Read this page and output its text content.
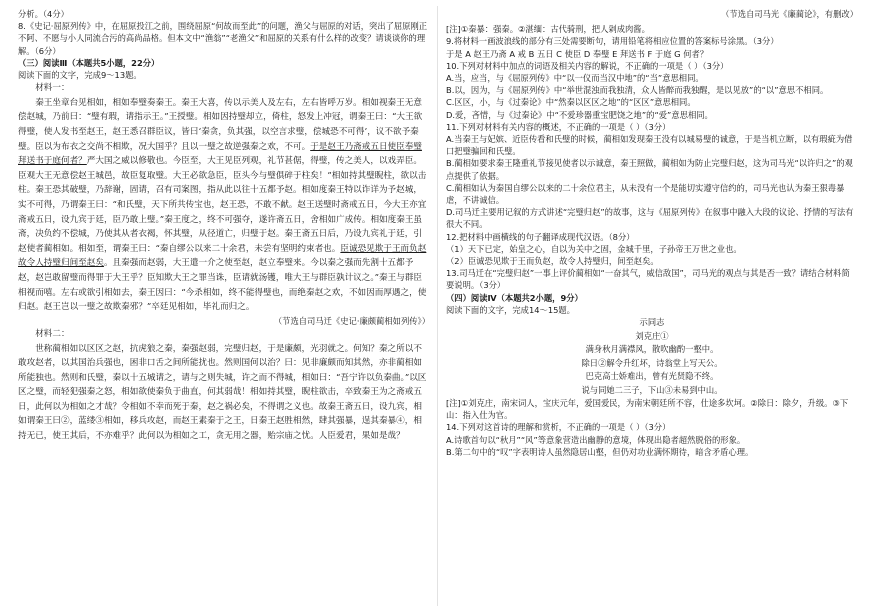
分析。（4分）

8.《史记·屈原列传》中，在屈原投江之前，围绕屈原“何故而至此”的问题，渔父与屈原的对话，突出了屈原刚正不阿、不愿与小人同流合污的高尚品格。但本文中“渔翁”“老渔父”和屈原的关系有什么样的改变？请谈谈你的理解。（6分）

（三）阅读Ⅲ（本题共5小题，22分）

阅读下面的文字，完成9～13题。

材料一：

秦王坐章台见相如，相如奉璧奏秦王。秦王大喜，传以示美人及左右，左右皆呼万岁。相如视秦王无意偿赵城，乃前曰：“璧有瑕，请指示王。”王授璧。相如因持璧却立，倚柱，怒发上冲冠，谓秦王曰：“大王欲得璧，使人发书至赵王，赵王悉召群臣议，皆曰‘秦贪，负其强，以空言求璧，偿城恐不可得’，议不欲予秦璧。臣以为布衣之交尚不相欺，况大国乎？且以一璧之故逆强秦之欢，不可。于是赵王乃斋戒五日使臣奉璧拜送书于庭何者？严大国之威以修敬也。今臣至，大王见臣列观，礼节甚倨，得璧，传之美人，以戏弄臣。臣观大王无意偿赵王城邑，故臣复取璧。大王必欲急臣，臣头今与璧俱碎于柱矣！”相如持其璧睨柱，欲以击柱。秦王恐其破璧，乃辞谢，固请，召有司案图，指从此以往十五都予赵。相如度秦王特以诈详为予赵城，实不可得，乃谓秦王曰：“和氏璧，天下所共传宝也，赵王恐，不敢不献。赵王送璧时斋戒五日，今大王亦宜斋戒五日，设九宾于廷，臣乃敢上璧。”秦王度之，终不可强夺，遂许斋五日，舍相如广成传。相如度秦王虽斋，决负约不偿城，乃使其从者衣褐，怀其璧，从径道亡，归璧于赵。秦王斋五日后，乃设九宾礼于廷，引赵使者蔺相如。相如至，谓秦王曰：“秦自缪公以来二十余君，未尝有坚明约束者也。臣诚恐见欺于王而负赵故令人持璧归间至赵矣。且秦强而赵弱，大王遣一介之使至赵，赵立奉璧来。今以秦之强而先割十五都予赵，赵岂敢留璧而得罪于大王乎？臣知欺大王之罪当诛，臣请就汤镬，唯大王与群臣孰计议之。”秦王与群臣相视而嘻。左右或欲引相如去，秦王因曰：“今杀相如，终不能得璧也，而绝秦赵之欢，不如因而厚遇之，使归赵。赵王岂以一璧之故欺秦邪？”卒廷见相如，毕礼而归之。

（节选自司马迁《史记·廉颇蔺相如列传》）

材料二：

世称蔺相如以区区之赵，抗虎狼之秦，秦强赵弱，完璧归赵，于是廉颇，光羽就之。何知？秦之所以不敢攻赵者，以其国治兵强也，困非口舌之间所能扰也。然则国何以治？曰：见非廉颇而知其然，亦非蔺相如所能独也。然则和氏璧，秦以十五城请之，请与之则失城，许之而不得城，相如曰：“吾宁许以负秦曲。”以区区之璧，而轻犯强秦之怒，相如欲使秦负于曲直，何其弱哉！相如持其璧，睨柱欲击，卒致秦王为之斋戒五日，此何以为相如之才哉？令相如不幸而死于秦，赵之祸必矣，不得谓之义也。故秦王斋五日，设九宾，相如谓秦王曰②，蓝缕③相如，移兵攻赵，而赵王素秦于之王，日秦王赵胜相然，肆其强暴，逞其秦暴④，相持无已，使王其后，不亦难乎？此何以为相如之工，贪无用之器，贻宗庙之忧。人臣爱君，果如是哉？

（节选自司马光《廉蔺论》，有删改）

[注]①秦暴：强秦。②湛缅：古代骑刑，把人剁成肉酱。

9.将材料一画波浪线的部分有三处需要断句，请用铅笔将相应位置的答案标号涂黑。（3分）

于是 A 赵王乃斋 A 戒 B 五日 C 使臣 D 奉璧 E 拜送书 F 于庭 G 何者？

10.下列对材料中加点的词语及相关内容的解说，不正确的一项是（ ）（3分）

A.当，应当，与《屈原列传》中“以一仪而当汉中地”的“当”意思相同。

B.以，因为，与《屈原列传》中“举世混浊而我独清，众人皆醉而我独醒，是以见放”的“以”意思不相同。

C.区区，小，与《过秦论》中“然秦以区区之地”的“区区”意思相同。

D.爱，吝惜，与《过秦论》中“不爱珍器重宝肥饶之地”的“爱”意思相同。

11.下列对材料有关内容的概述，不正确的一项是（ ）（3分）

A.当秦王与妃嫔、近臣传看和氏璧的时候，蔺相如发现秦王没有以城易璧的诚意，于是当机立断，以有瑕疵为借口把璧骗回和氏璧。

B.蔺相如要求秦王隆重礼节接见使者以示诚意，秦王照做，蔺相如为防止完璧归赵，这为司马光“以许归之”的观点提供了依据。

C.蔺相如认为秦国自缪公以来的二十余位君主，从未没有一个是能切实遵守信约的，司马光也认为秦王狠毒暴虐，不讲诚信。

D.司马迁主要用记叙的方式讲述“完璧归赵”的故事，这与《屈原列传》在叙事中融入大段的议论、抒情的写法有很大不同。

12.把材料中画横线的句子翻译成现代汉语。（8分）

（1）天下已定，始皇之心，自以为关中之固，金城千里，子孙帝王万世之业也。

（2）臣诚恐见欺于王而负赵，故令人持璧归，间至赵矣。

13.司马迁在“完璧归赵”一事上评价蔺相如“一奋其气，威信敌国”，司马光的观点与其是否一致？请结合材料简要说明。（3分）

（四）阅读Ⅳ（本题共2小题，9分）

阅读下面的文字，完成14～15题。

示同志

刘克庄①

满身秋月满襟风，散吹幽酌一壑中。

除日②解令升红坏，诗翁堂上写天公。

巴克高士娇难出，曾有光贤隐不终。

说与同她二三子，下山③未易到中山。

[注]①刘克庄，南宋词人，宝庆元年，爱国爱民，为南宋朝廷所不容，仕途多坎坷。②除日：除夕，升级。③下山：指入仕为官。

14.下列对这首诗的理解和赏析，不正确的一项是（ ）（3分）

A.诗歌首句以“秋月”“风”等意象营造出幽静的意境，体现出隐者超然脱俗的形象。

B.第二句中的“叹”字表明诗人虽然隐居山壑，但仍对功业满怀期待，暗含矛盾心理。
